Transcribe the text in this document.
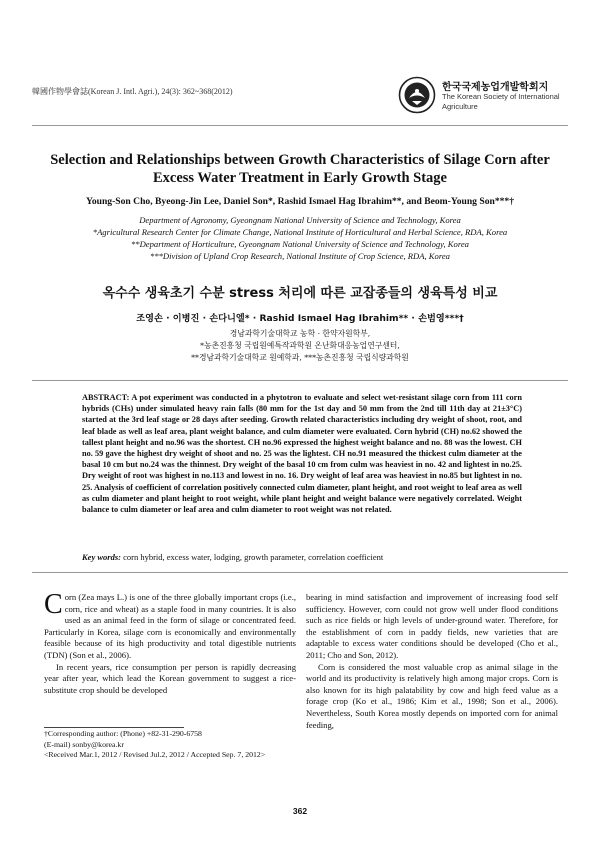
韓國作物學會誌(Korean J. Intl. Agri.), 24(3): 362~368(2012)	한국국제농업개발학회지
The Korean Society of International
Agriculture
Selection and Relationships between Growth Characteristics of Silage Corn after
Excess Water Treatment in Early Growth Stage
Young-Son Cho, Byeong-Jin Lee, Daniel Son*, Rashid Ismael Hag Ibrahim**, and Beom-Young Son***†
Department of Agronomy, Gyeongnam National University of Science and Technology, Korea
*Agricultural Research Center for Climate Change, National Institute of Horticultural and Herbal Science, RDA, Korea
**Department of Horticulture, Gyeongnam National University of Science and Technology, Korea
***Division of Upland Crop Research, National Institute of Crop Science, RDA, Korea
옥수수 생육초기 수분 stress 처리에 따른 교잡종들의 생육특성 비교
조영손 · 이병진 · 손다니엘* · Rashid Ismael Hag Ibrahim** · 손범영***†
경남과학기술대학교 농학 · 한약자원학부,
*농촌진흥청 국립원예특작과학원 온난화대응농업연구센터,
**경남과학기술대학교 원예학과, ***농촌진흥청 국립식량과학원
ABSTRACT: A pot experiment was conducted in a phytotron to evaluate and select wet-resistant silage corn from 111 corn hybrids (CHs) under simulated heavy rain falls (80 mm for the 1st day and 50 mm from the 2nd till 11th day at 21±3°C) started at the 3rd leaf stage or 28 days after seeding. Growth related characteristics including dry weight of shoot, root, and leaf blade as well as leaf area, plant weight balance, and culm diameter were evaluated. Corn hybrid (CH) no.62 showed the tallest plant height and no.96 was the shortest. CH no.96 expressed the highest weight balance and no. 88 was the lowest. CH no. 59 gave the highest dry weight of shoot and no. 25 was the lightest. CH no.91 measured the thickest culm diameter at the basal 10 cm but no.24 was the thinnest. Dry weight of the basal 10 cm from culm was heaviest in no. 42 and lightest in no.25. Dry weight of root was highest in no.113 and lowest in no. 16. Dry weight of leaf area was heaviest in no.85 but lightest in no. 25. Analysis of coefficient of correlation positively connected culm diameter, plant height, and root weight to leaf area as well as culm diameter and plant height to root weight, while plant height and weight balance were negatively correlated. Weight balance to culm diameter or leaf area and culm diameter to root weight was not related.
Key words: corn hybrid, excess water, lodging, growth parameter, correlation coefficient

Corn (Zea mays L.) is one of the three globally important crops (i.e., corn, rice and wheat) as a staple food in many countries. It is also used as an animal feed in the form of silage or concentrated feed. Particularly in Korea, silage corn is economically and environmentally feasible because of its high productivity and total digestible nutrients (TDN) (Son et al., 2006).

In recent years, rice consumption per person is rapidly decreasing year after year, which lead the Korean government to suggest a rice-substitute crop should be developed

bearing in mind satisfaction and improvement of increasing food self sufficiency. However, corn could not grow well under flood conditions such as rice fields or high levels of under-ground water. Therefore, for the establishment of corn in paddy fields, new varieties that are adaptable to excess water conditions should be developed (Cho et al., 2011; Cho and Son, 2012).

Corn is considered the most valuable crop as animal silage in the world and its productivity is relatively high among major crops. Corn is also known for its high palatability by cow and high feed value as a forage crop (Ko et al., 1986; Kim et al., 1998; Son et al., 2006). Nevertheless, South Korea mostly depends on imported corn for animal feeding,

†Corresponding author: (Phone) +82-31-290-6758
(E-mail) sonby@korea.kr
<Received Mar.1, 2012 / Revised Jul.2, 2012 / Accepted Sep. 7, 2012>
362
